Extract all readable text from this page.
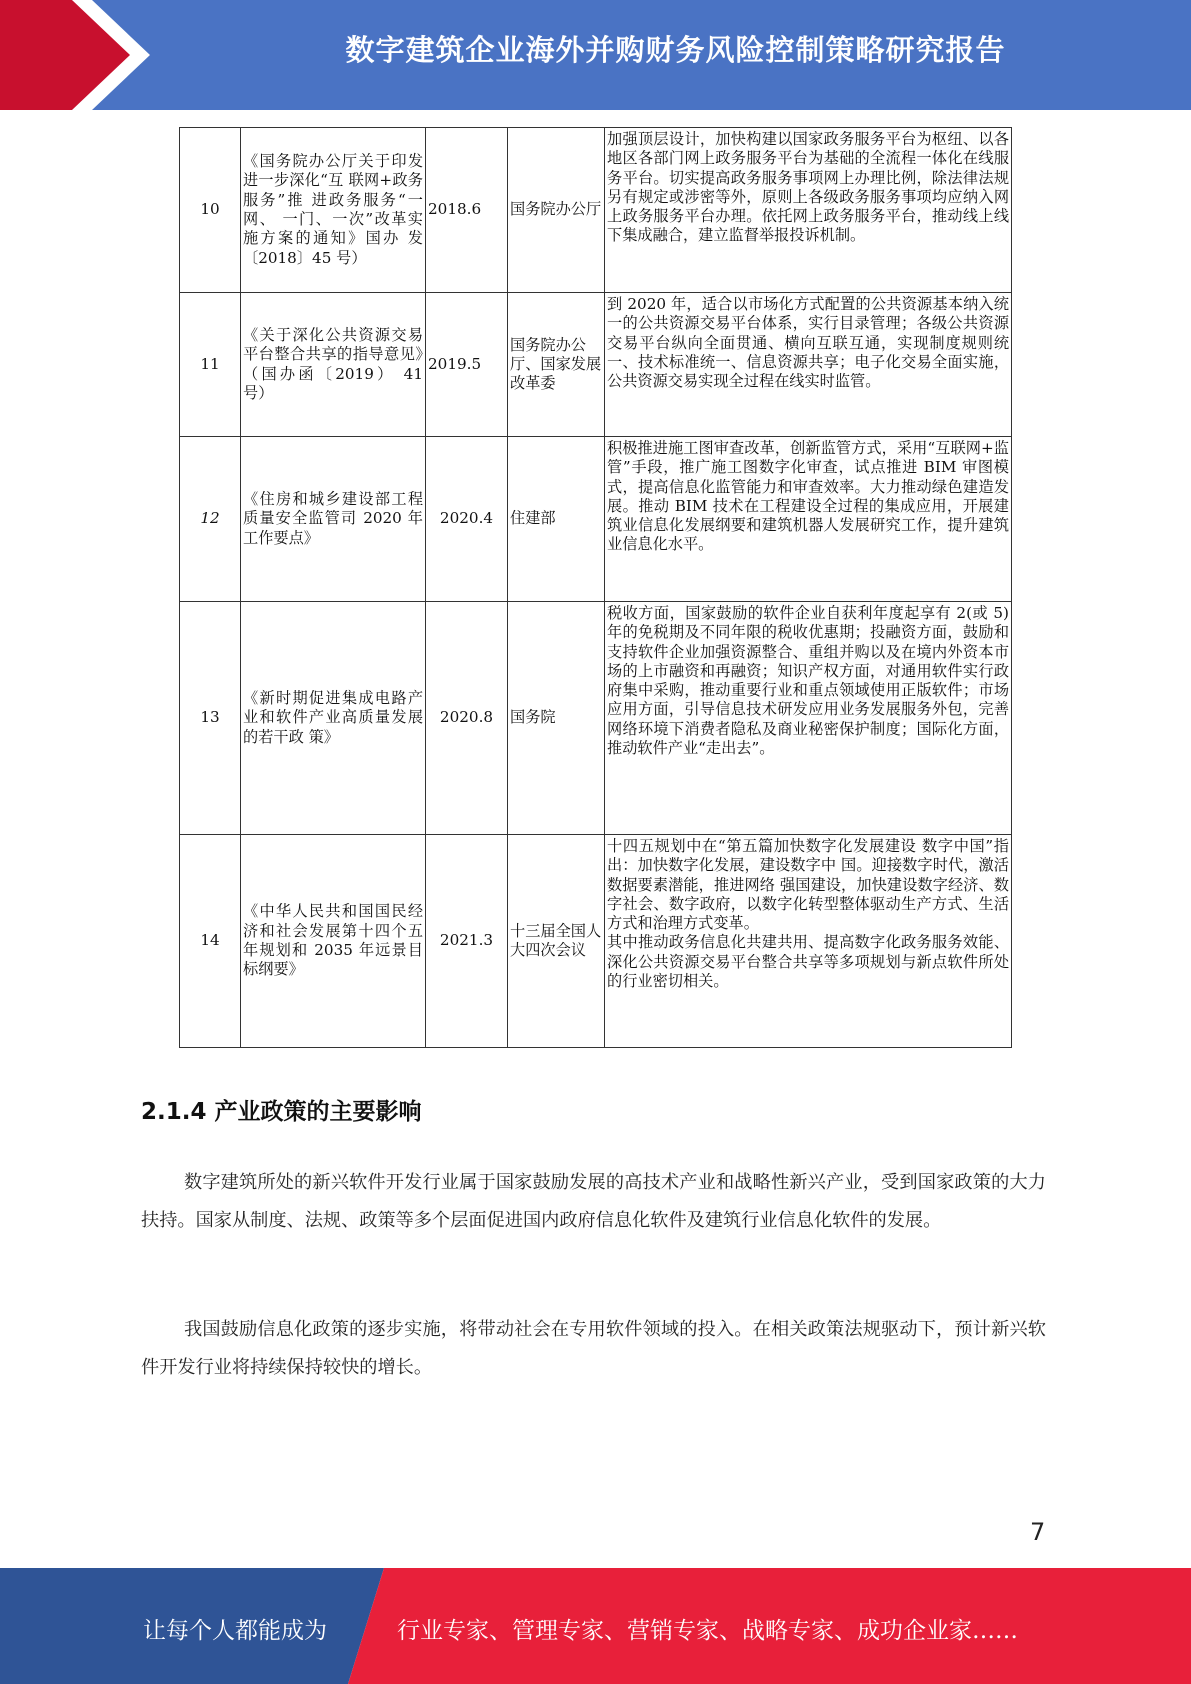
数字建筑企业海外并购财务风险控制策略研究报告
10	《国务院办公厅关于印发进一步深化“互 联网+政务服务”推 进政务服务“一网、 一门、一次”改革实 施方案的通知》国办 发〔2018〕45 号）	2018.6	国务院办公厅	加强顶层设计，加快构建以国家政务服务平台为枢纽、以各地区各部门网上政务服务平台为基础的全流程一体化在线服务平台。切实提高政务服务事项网上办理比例，除法律法规另有规定或涉密等外，原则上各级政务服务事项均应纳入网上政务服务平台办理。依托网上政务服务平台，推动线上线下集成融合，建立监督举报投诉机制。
11	《关于深化公共资源交易平台整合共享的指导意见》（国办函〔2019） 41 号）	2019.5	国务院办公厅、国家发展改革委	到 2020 年，适合以市场化方式配置的公共资源基本纳入统一的公共资源交易平台体系，实行目录管理；各级公共资源交易平台纵向全面贯通、横向互联互通，实现制度规则统一、技术标准统一、信息资源共享；电子化交易全面实施，公共资源交易实现全过程在线实时监管。
12	《住房和城乡建设部工程质量安全监管司 2020 年工作要点》	2020.4	住建部	积极推进施工图审查改革，创新监管方式，采用“互联网+监管”手段，推广施工图数字化审查，试点推进 BIM 审图模式，提高信息化监管能力和审查效率。大力推动绿色建造发展。推动 BIM 技术在工程建设全过程的集成应用，开展建筑业信息化发展纲要和建筑机器人发展研究工作，提升建筑业信息化水平。
13	《新时期促进集成电路产业和软件产业高质量发展的若干政 策》	2020.8	国务院	税收方面，国家鼓励的软件企业自获利年度起享有 2(或 5)年的免税期及不同年限的税收优惠期；投融资方面，鼓励和支持软件企业加强资源整合、重组并购以及在境内外资本市场的上市融资和再融资；知识产权方面，对通用软件实行政府集中采购，推动重要行业和重点领域使用正版软件；市场应用方面，引导信息技术研发应用业务发展服务外包，完善网络环境下消费者隐私及商业秘密保护制度；国际化方面，推动软件产业“走出去”。
14	《中华人民共和国国民经济和社会发展第十四个五年规划和 2035 年远景目标纲要》	2021.3	十三届全国人大四次会议	十四五规划中在“第五篇加快数字化发展建设 数字中国”指出：加快数字化发展，建设数字中 国。迎接数字时代，激活数据要素潜能，推进网络 强国建设，加快建设数字经济、数字社会、数字政府，以数字化转型整体驱动生产方式、生活方式和治理方式变革。
其中推动政务信息化共建共用、提高数字化政务服务效能、深化公共资源交易平台整合共享等多项规划与新点软件所处的行业密切相关。
2.1.4 产业政策的主要影响

数字建筑所处的新兴软件开发行业属于国家鼓励发展的高技术产业和战略性新兴产业，受到国家政策的大力扶持。国家从制度、法规、政策等多个层面促进国内政府信息化软件及建筑行业信息化软件的发展。

我国鼓励信息化政策的逐步实施，将带动社会在专用软件领域的投入。在相关政策法规驱动下，预计新兴软件开发行业将持续保持较快的增长。

7
让每个人都能成为	行业专家、管理专家、营销专家、战略专家、成功企业家……
